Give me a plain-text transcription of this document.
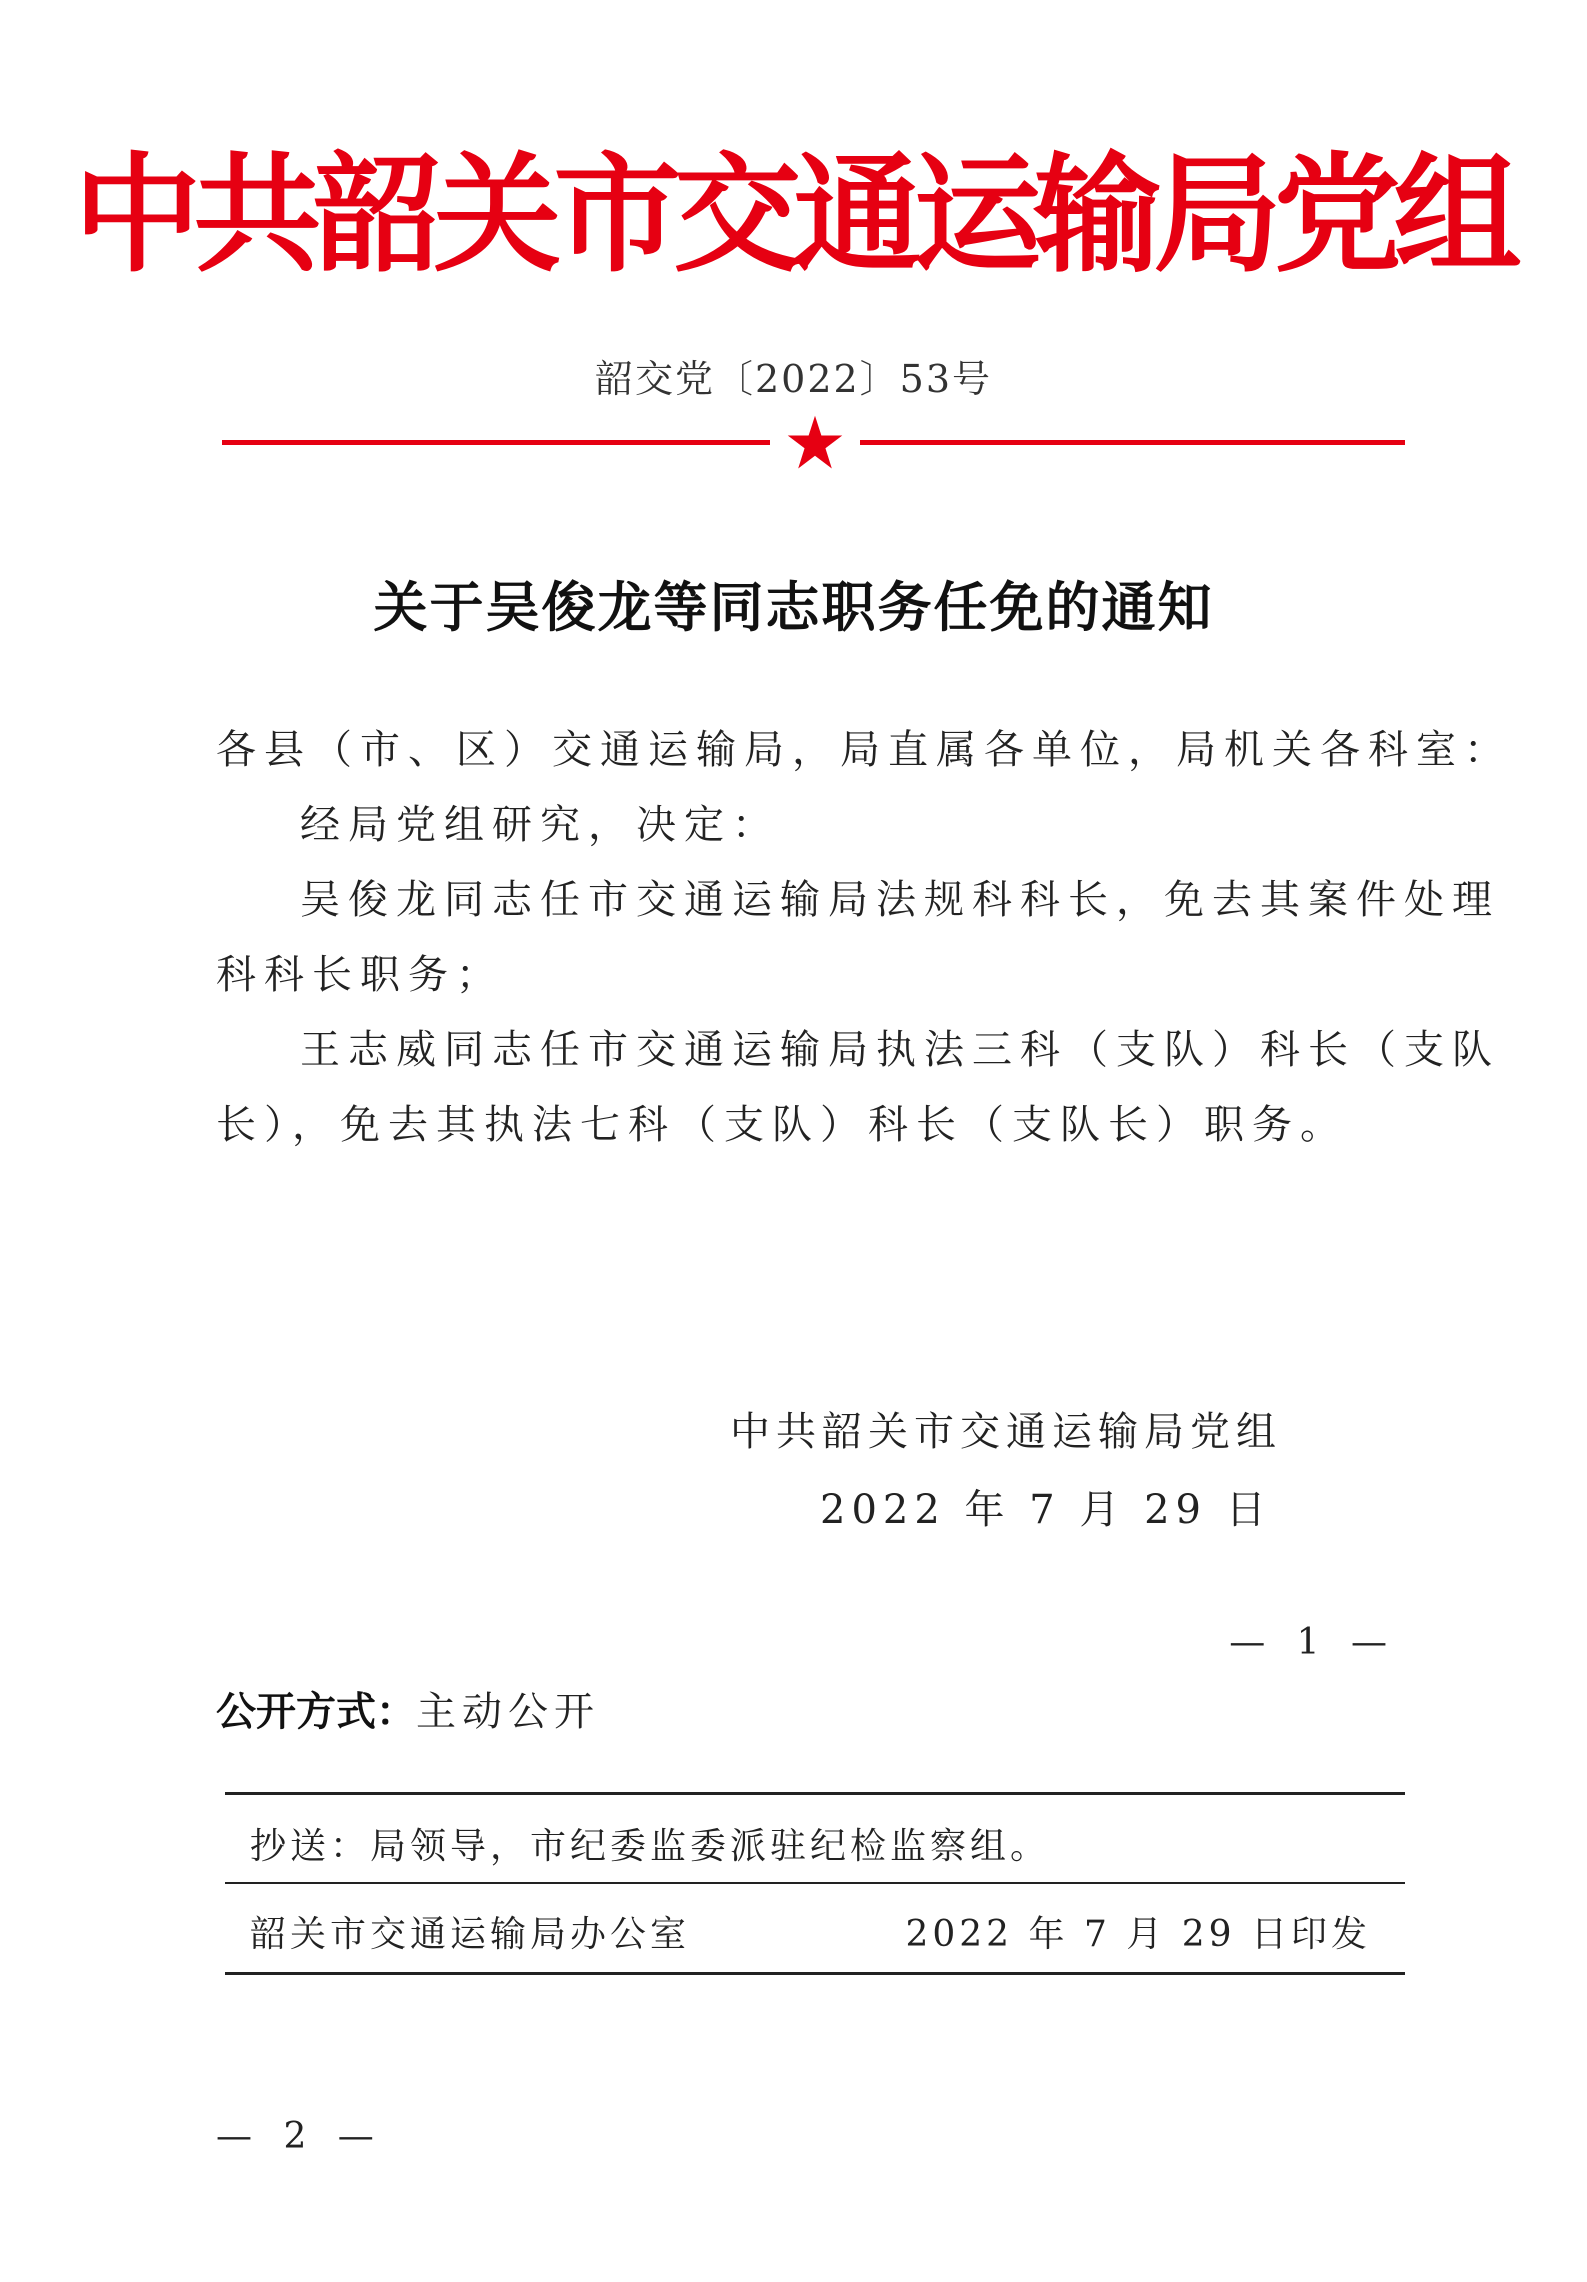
中共韶关市交通运输局党组
韶交党〔2022〕53号
关于吴俊龙等同志职务任免的通知
各县（市、区）交通运输局，局直属各单位，局机关各科室：
经局党组研究，决定：
吴俊龙同志任市交通运输局法规科科长，免去其案件处理
科科长职务；
王志威同志任市交通运输局执法三科（支队）科长（支队
长），免去其执法七科（支队）科长（支队长）职务。
中共韶关市交通运输局党组
2022 年 7 月 29 日
— 1 —
公开方式：主动公开
抄送：局领导，市纪委监委派驻纪检监察组。
韶关市交通运输局办公室	2022 年 7 月 29 日印发
— 2 —
